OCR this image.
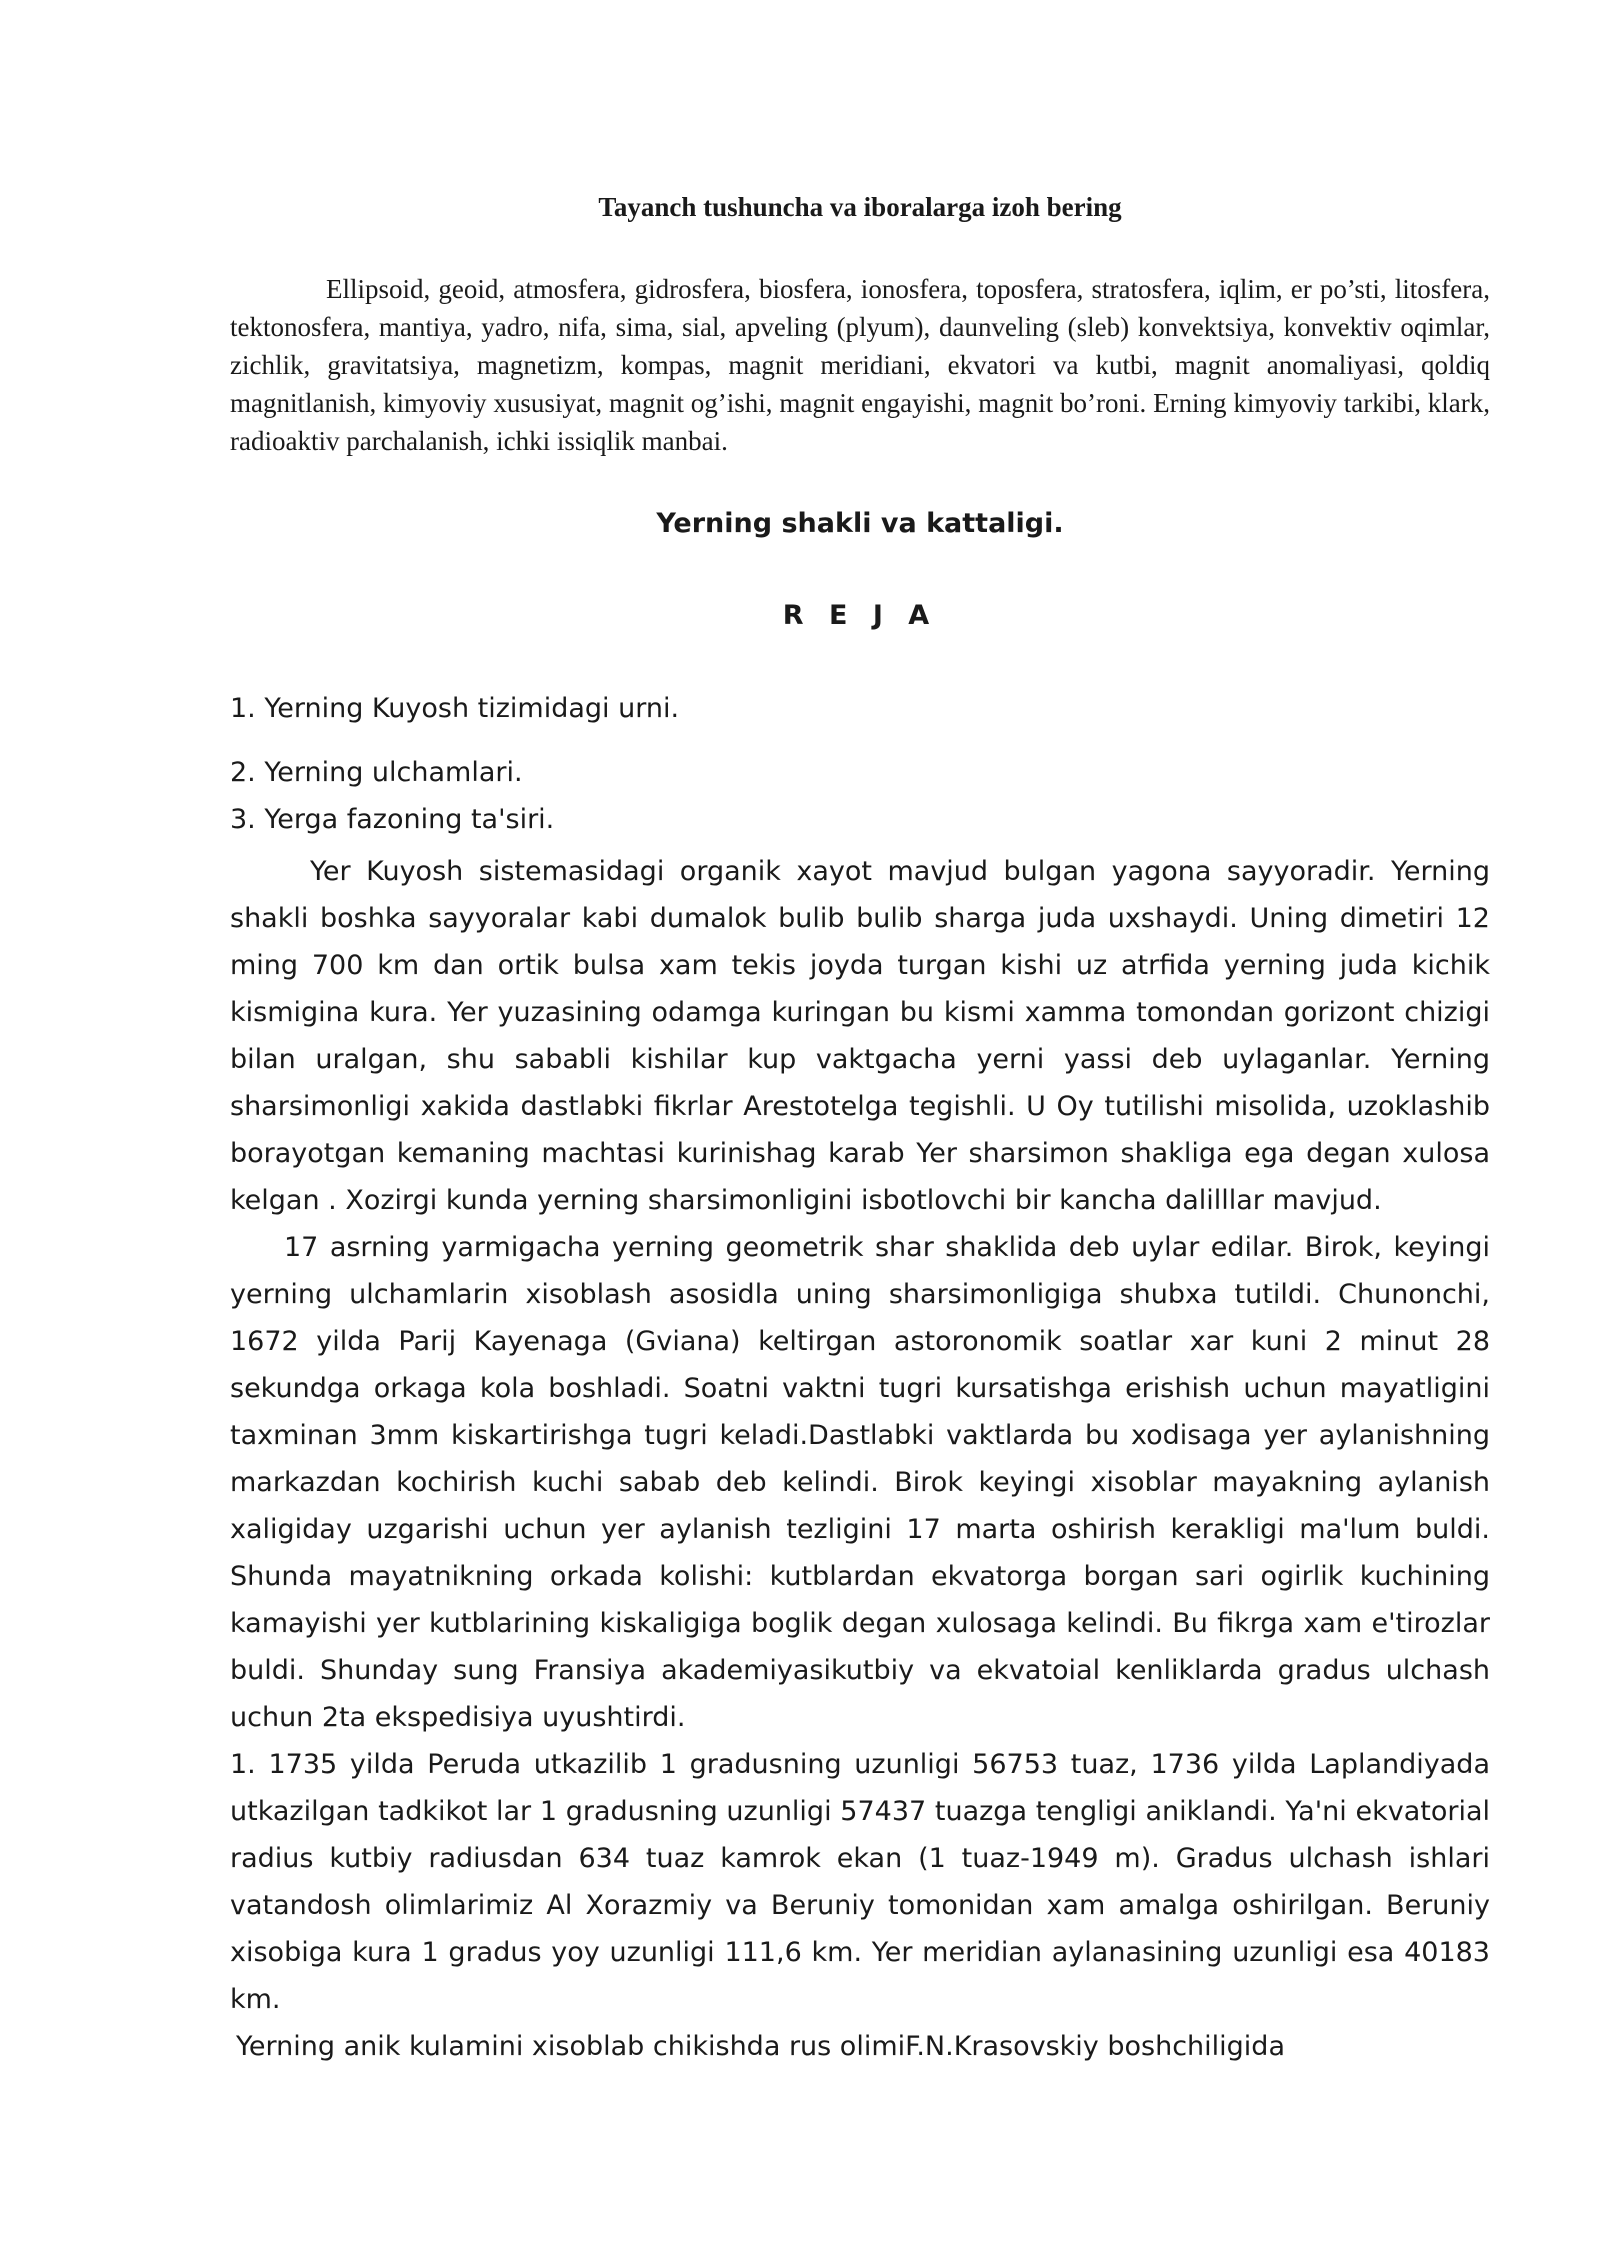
Tayanch tushuncha va iboralarga izoh bering

Ellipsoid, geoid, atmosfera, gidrosfera, biosfera, ionosfera, toposfera, stratosfera, iqlim, er po’sti, litosfera, tektonosfera, mantiya, yadro, nifa, sima, sial, apveling (plyum), daunveling (sleb) konvektsiya, konvektiv oqimlar, zichlik, gravitatsiya, magnetizm, kompas, magnit meridiani, ekvatori va kutbi, magnit anomaliyasi, qoldiq magnitlanish, kimyoviy xususiyat, magnit og’ishi, magnit engayishi, magnit bo’roni. Erning kimyoviy tarkibi, klark, radioaktiv parchalanish, ichki issiqlik manbai.

Yerning shakli va kattaligi.

R E J A

1. Yerning Kuyosh tizimidagi urni.

2. Yerning ulchamlari.

3. Yerga fazoning ta'siri.

Yer Kuyosh sistemasidagi organik xayot mavjud bulgan yagona sayyoradir. Yerning shakli boshka sayyoralar kabi dumalok bulib bulib sharga juda uxshaydi. Uning dimetiri 12 ming 700 km dan ortik bulsa xam tekis joyda turgan kishi uz atrfida yerning juda kichik kismigina kura. Yer yuzasining odamga kuringan bu kismi xamma tomondan gorizont chizigi bilan uralgan, shu sababli kishilar kup vaktgacha yerni yassi deb uylaganlar. Yerning sharsimonligi xakida dastlabki fikrlar Arestotelga tegishli. U Oy tutilishi misolida, uzoklashib borayotgan kemaning machtasi kurinishag karab Yer sharsimon shakliga ega degan xulosa kelgan . Xozirgi kunda yerning sharsimonligini isbotlovchi bir kancha dalilllar mavjud.

17 asrning yarmigacha yerning geometrik shar shaklida deb uylar edilar. Birok, keyingi yerning ulchamlarin xisoblash asosidla uning sharsimonligiga shubxa tutildi. Chunonchi, 1672 yilda Parij Kayenaga (Gviana) keltirgan astoronomik soatlar xar kuni 2 minut 28 sekundga orkaga kola boshladi. Soatni vaktni tugri kursatishga erishish uchun mayatligini taxminan 3mm kiskartirishga tugri keladi.Dastlabki vaktlarda bu xodisaga yer aylanishning markazdan kochirish kuchi sabab deb kelindi. Birok keyingi xisoblar mayakning aylanish xaligiday uzgarishi uchun yer aylanish tezligini 17 marta oshirish kerakligi ma'lum buldi. Shunda mayatnikning orkada kolishi: kutblardan ekvatorga borgan sari ogirlik kuchining kamayishi yer kutblarining kiskaligiga boglik degan xulosaga kelindi. Bu fikrga xam e'tirozlar buldi. Shunday sung Fransiya akademiyasikutbiy va ekvatoial kenliklarda gradus ulchash uchun 2ta ekspedisiya uyushtirdi.

1. 1735 yilda Peruda utkazilib 1 gradusning uzunligi 56753 tuaz, 1736 yilda Laplandiyada utkazilgan tadkikot lar 1 gradusning uzunligi 57437 tuazga tengligi aniklandi. Ya'ni ekvatorial radius kutbiy radiusdan 634 tuaz kamrok ekan (1 tuaz-1949 m). Gradus ulchash ishlari vatandosh olimlarimiz Al Xorazmiy va Beruniy tomonidan xam amalga oshirilgan. Beruniy xisobiga kura 1 gradus yoy uzunligi 111,6 km. Yer meridian aylanasining uzunligi esa 40183 km.

Yerning anik kulamini xisoblab chikishda rus olimiF.N.Krasovskiy boshchiligida
